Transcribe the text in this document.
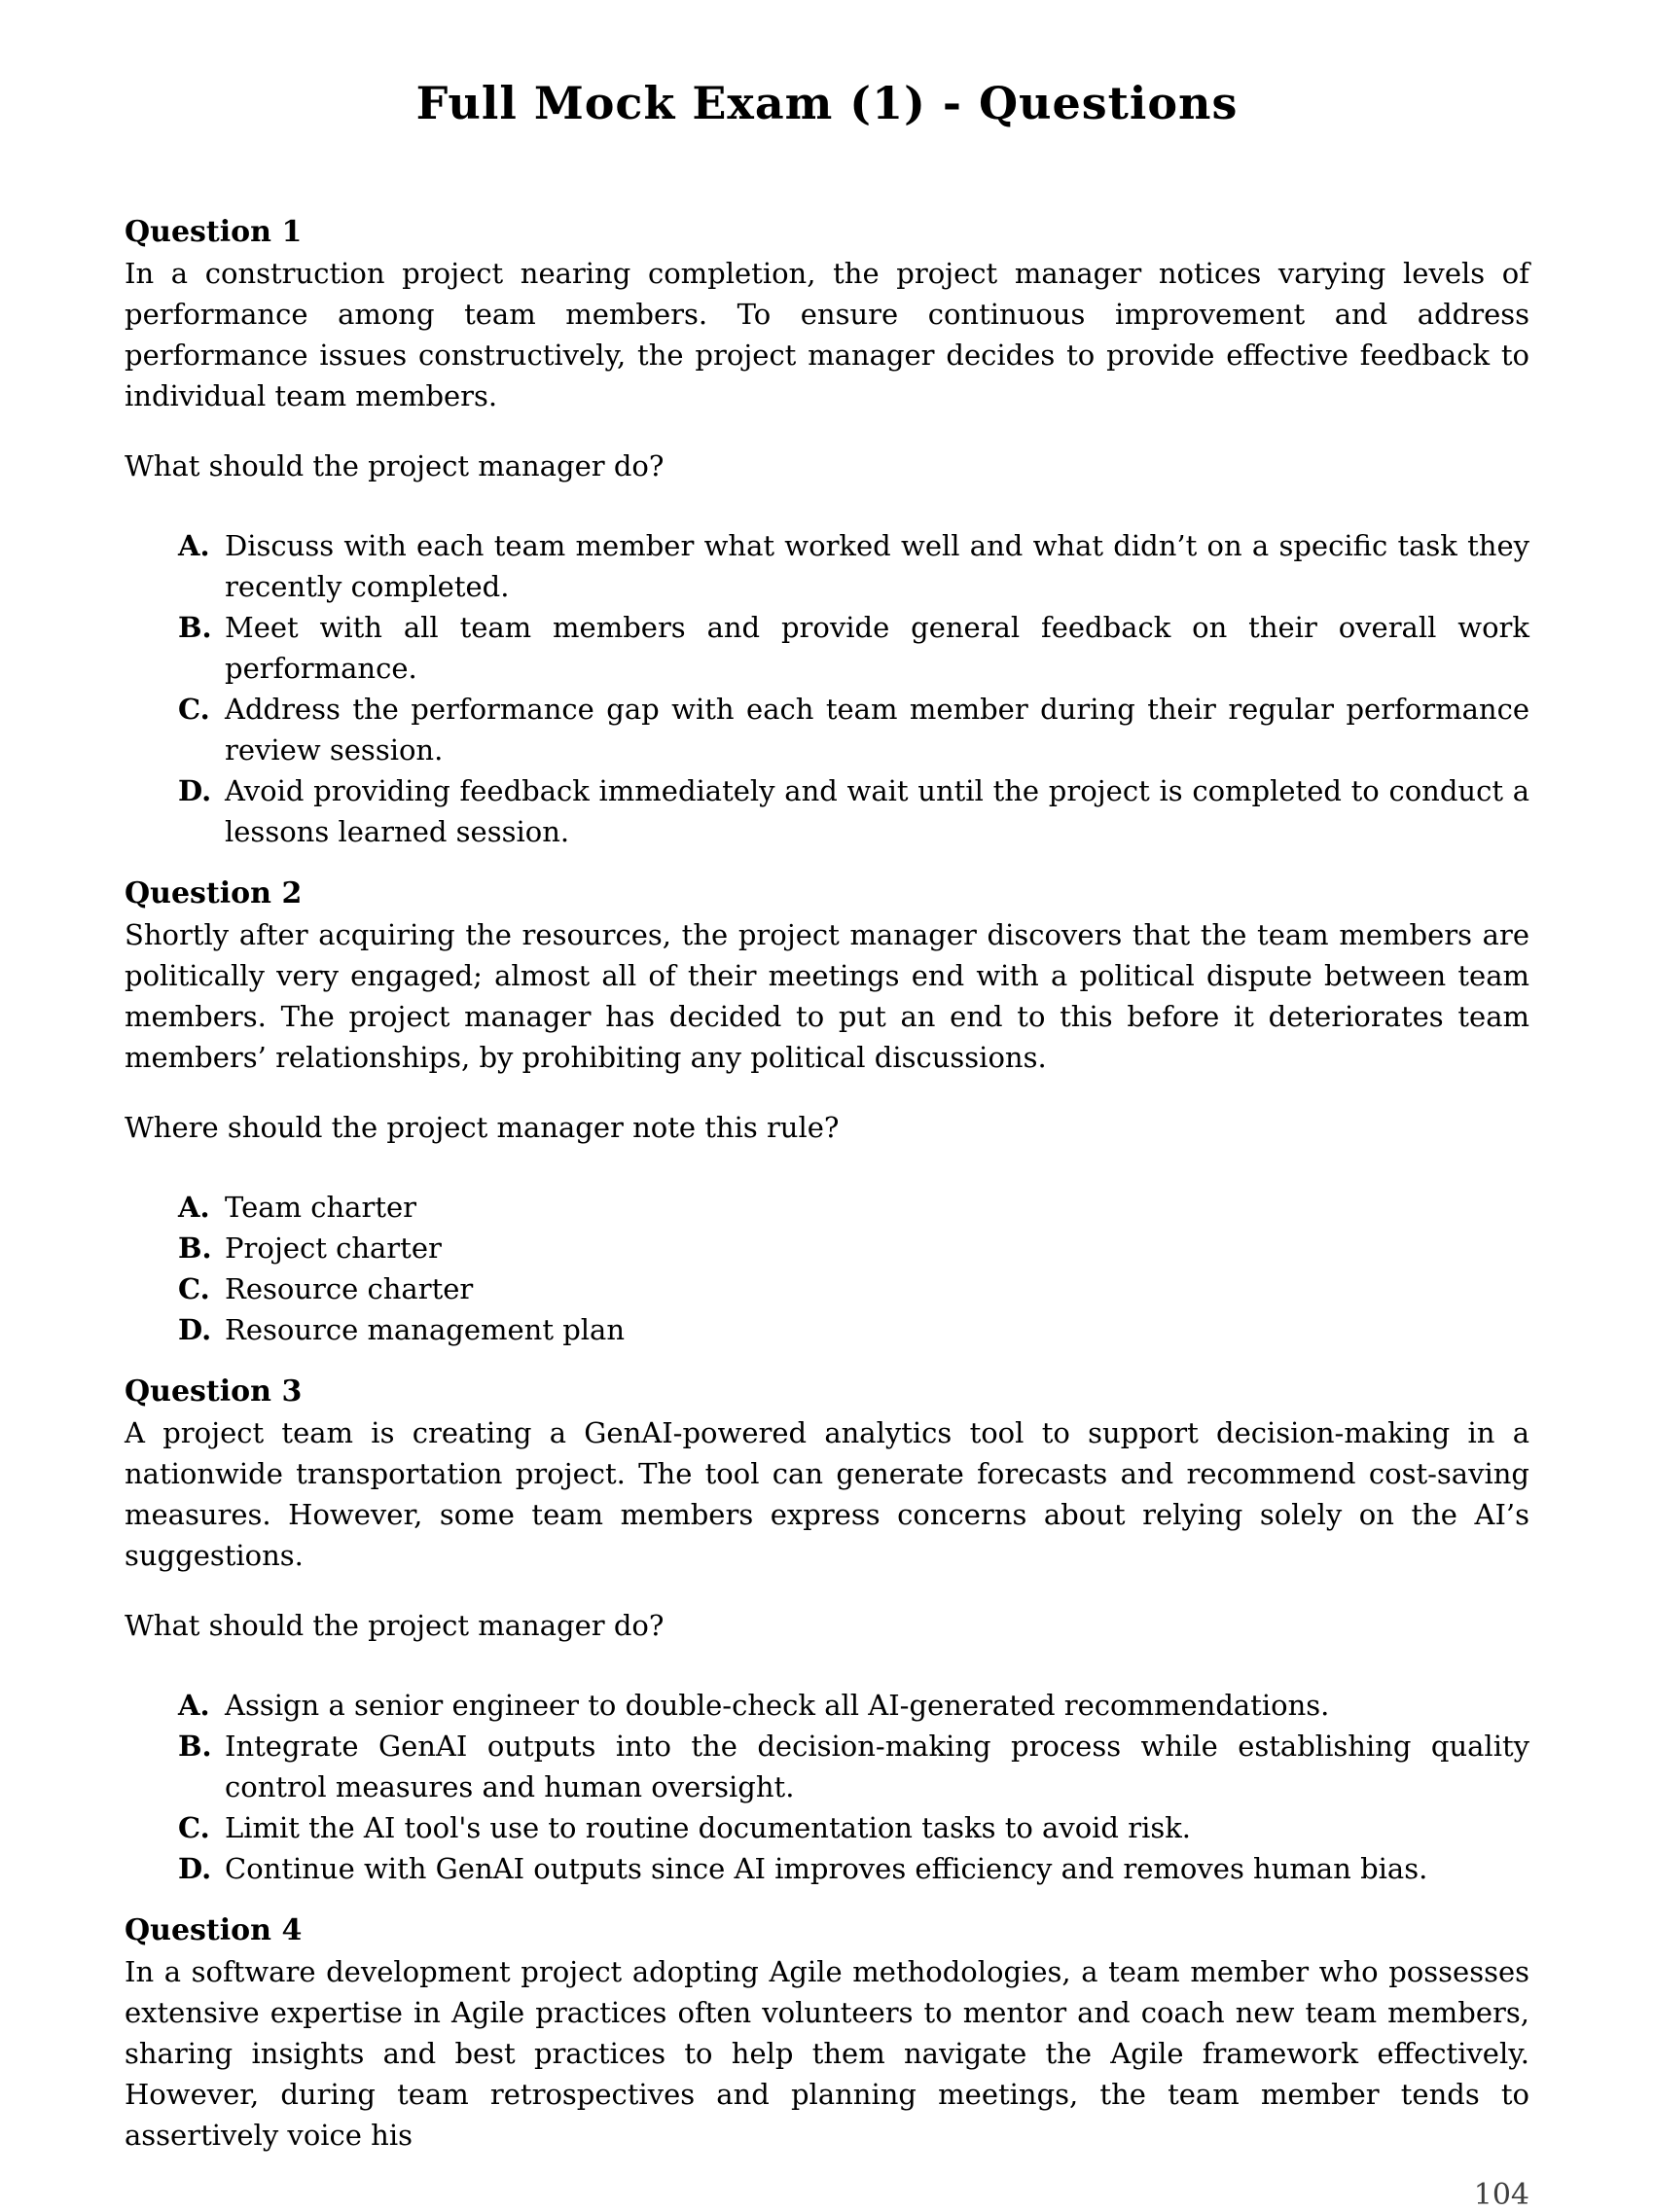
Full Mock Exam (1) - Questions
Question 1

In a construction project nearing completion, the project manager notices varying levels of performance among team members. To ensure continuous improvement and address performance issues constructively, the project manager decides to provide effective feedback to individual team members.

What should the project manager do?

A. Discuss with each team member what worked well and what didn’t on a specific task they recently completed.
B. Meet with all team members and provide general feedback on their overall work performance.
C. Address the performance gap with each team member during their regular performance review session.
D. Avoid providing feedback immediately and wait until the project is completed to conduct a lessons learned session.
Question 2

Shortly after acquiring the resources, the project manager discovers that the team members are politically very engaged; almost all of their meetings end with a political dispute between team members. The project manager has decided to put an end to this before it deteriorates team members’ relationships, by prohibiting any political discussions.

Where should the project manager note this rule?

A. Team charter
B. Project charter
C. Resource charter
D. Resource management plan
Question 3

A project team is creating a GenAI-powered analytics tool to support decision-making in a nationwide transportation project. The tool can generate forecasts and recommend cost-saving measures. However, some team members express concerns about relying solely on the AI’s suggestions.

What should the project manager do?

A. Assign a senior engineer to double-check all AI-generated recommendations.
B. Integrate GenAI outputs into the decision-making process while establishing quality control measures and human oversight.
C. Limit the AI tool's use to routine documentation tasks to avoid risk.
D. Continue with GenAI outputs since AI improves efficiency and removes human bias.
Question 4

In a software development project adopting Agile methodologies, a team member who possesses extensive expertise in Agile practices often volunteers to mentor and coach new team members, sharing insights and best practices to help them navigate the Agile framework effectively. However, during team retrospectives and planning meetings, the team member tends to assertively voice his

104
